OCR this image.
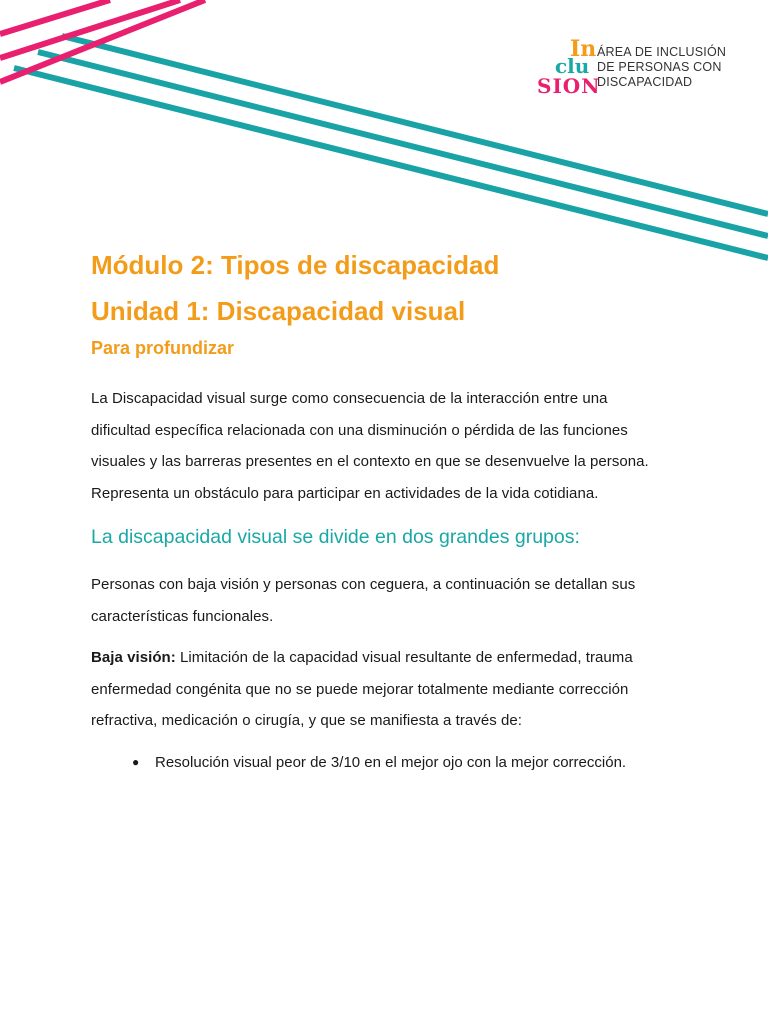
In
clu
SION
ÁREA DE INCLUSIÓN
DE PERSONAS CON
DISCAPACIDAD
Módulo 2: Tipos de discapacidad
Unidad 1: Discapacidad visual
Para profundizar

La Discapacidad visual surge como consecuencia de la interacción entre una dificultad específica relacionada con una disminución o pérdida de las funciones visuales y las barreras presentes en el contexto en que se desenvuelve la persona. Representa un obstáculo para participar en actividades de la vida cotidiana.

La discapacidad visual se divide en dos grandes grupos:

Personas con baja visión y personas con ceguera, a continuación se detallan sus características funcionales.

Baja visión: Limitación de la capacidad visual resultante de enfermedad, trauma enfermedad congénita que no se puede mejorar totalmente mediante corrección refractiva, medicación o cirugía, y que se manifiesta a través de:

● Resolución visual peor de 3/10 en el mejor ojo con la mejor corrección.
